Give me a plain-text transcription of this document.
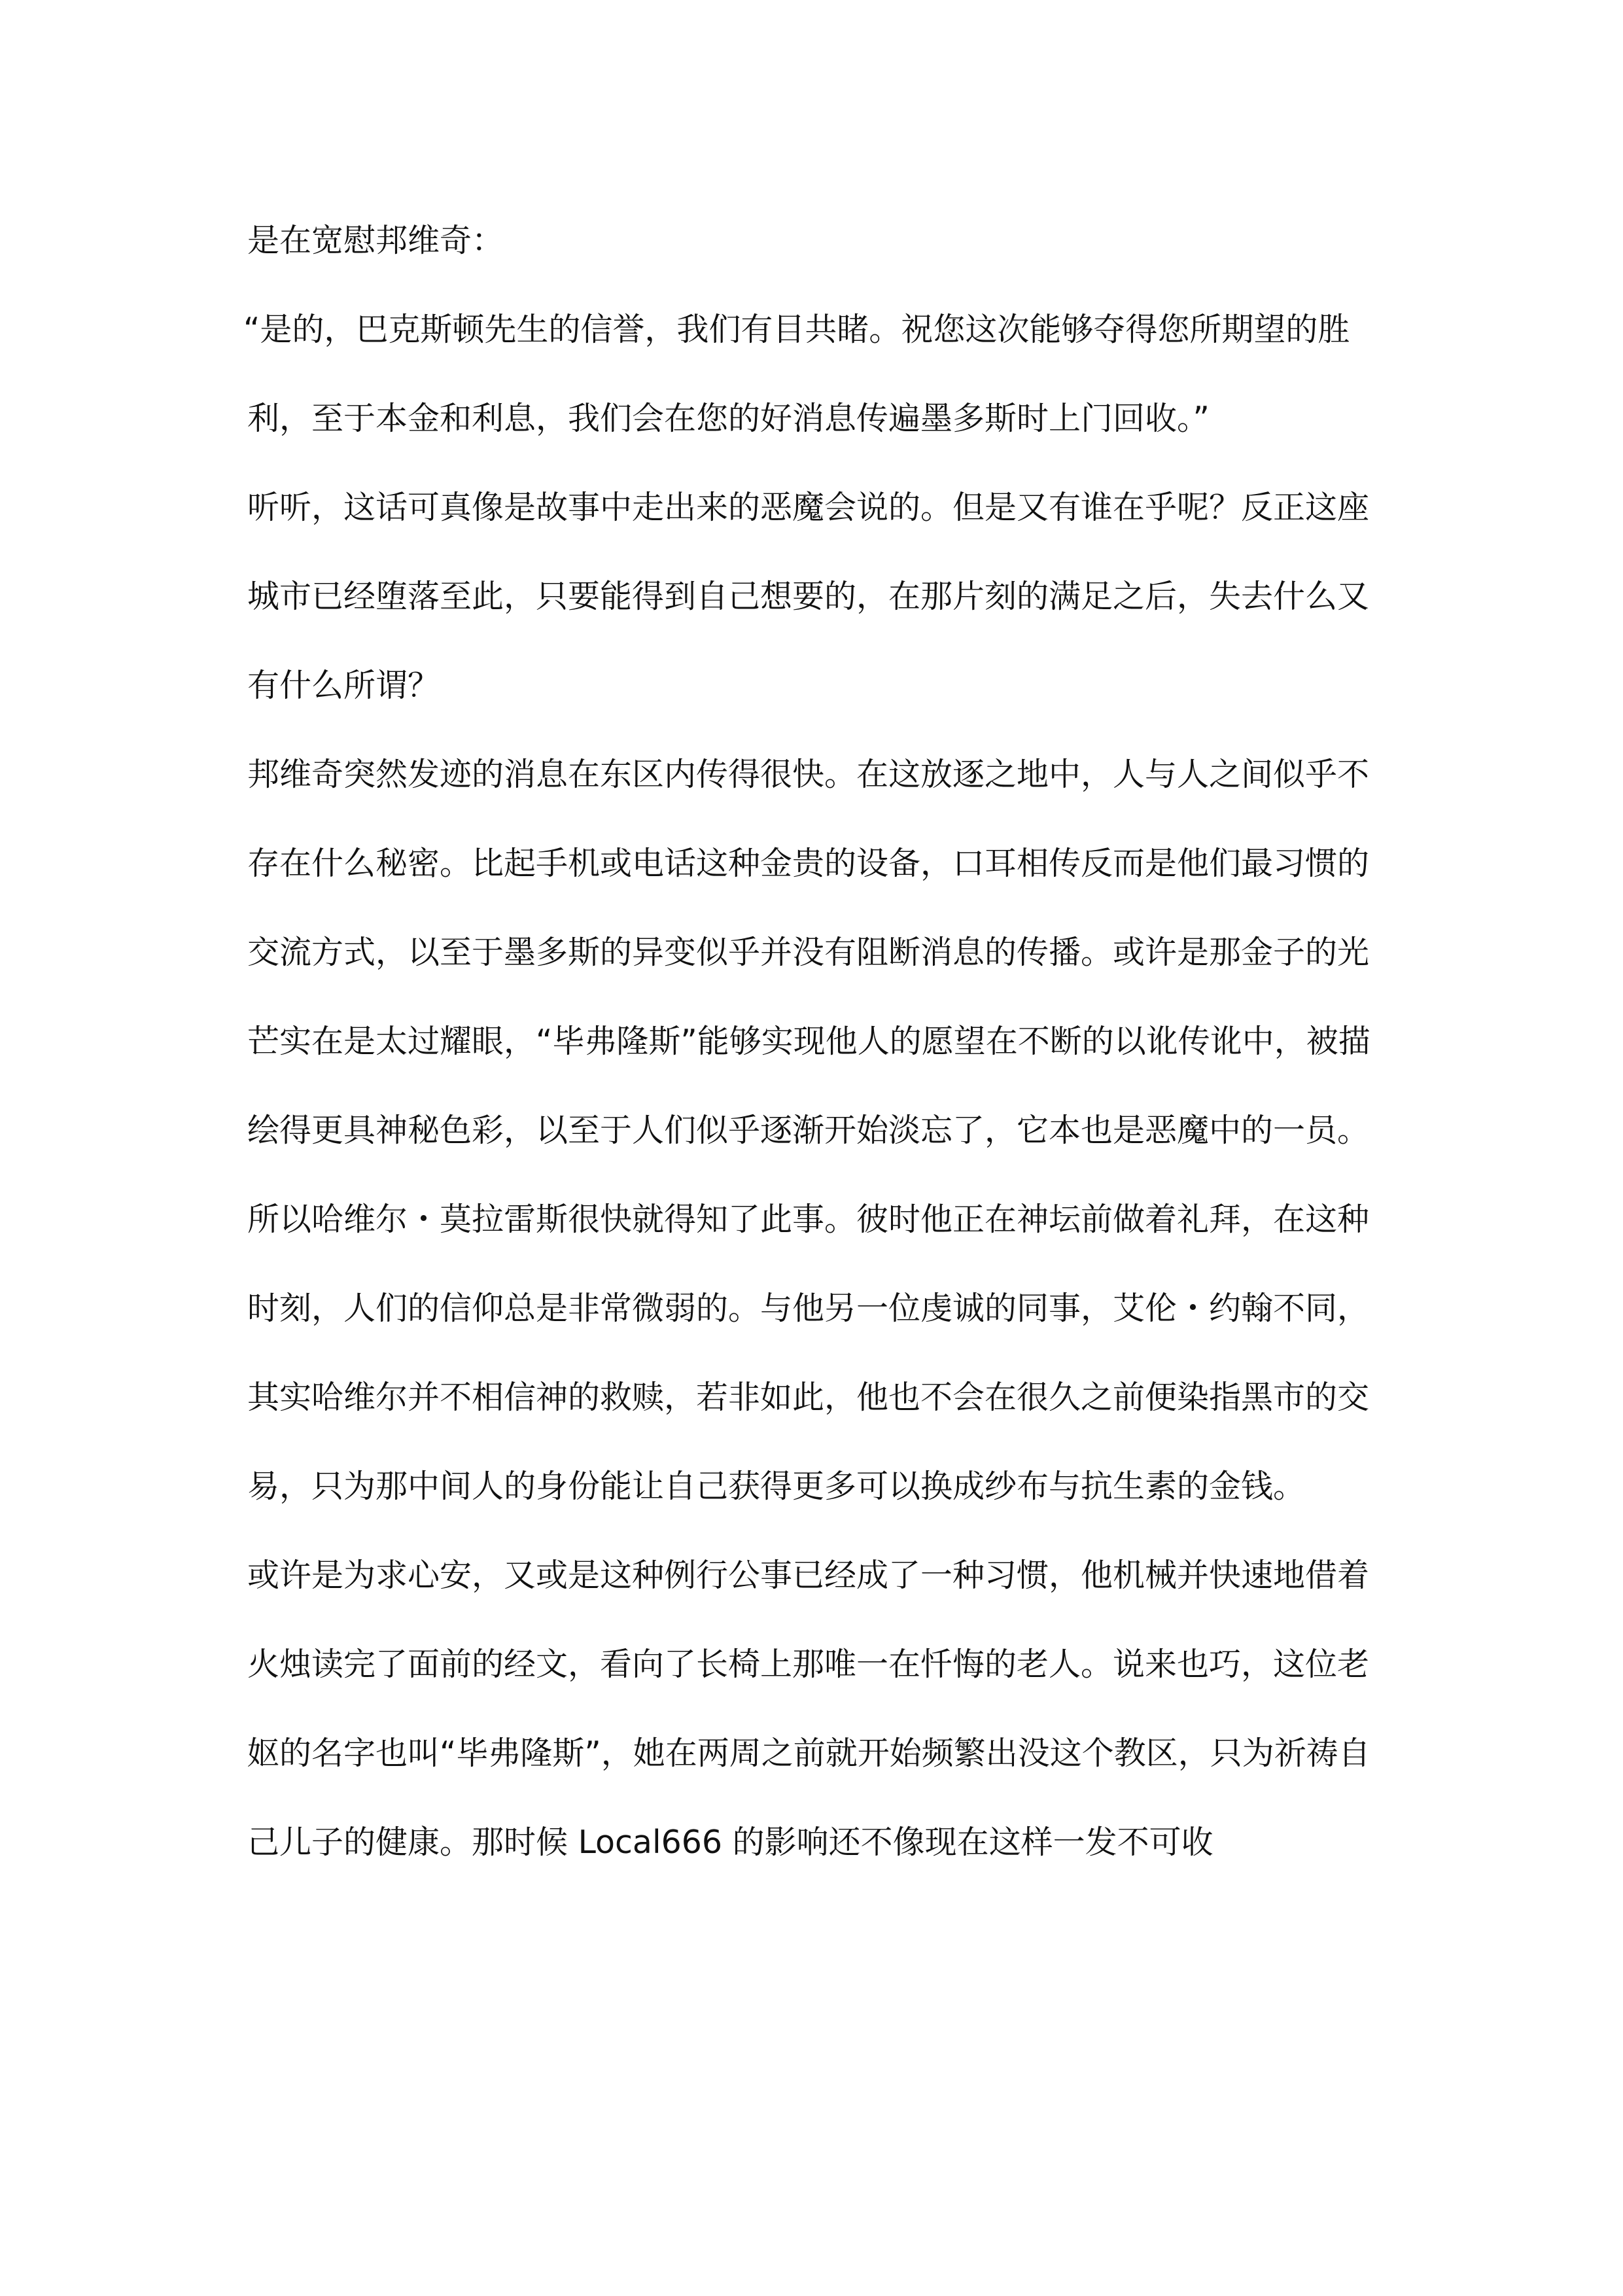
是在宽慰邦维奇：

“是的，巴克斯顿先生的信誉，我们有目共睹。祝您这次能够夺得您所期望的胜利，至于本金和利息，我们会在您的好消息传遍墨多斯时上门回收。”

听听，这话可真像是故事中走出来的恶魔会说的。但是又有谁在乎呢？反正这座城市已经堕落至此，只要能得到自己想要的，在那片刻的满足之后，失去什么又有什么所谓？

邦维奇突然发迹的消息在东区内传得很快。在这放逐之地中，人与人之间似乎不存在什么秘密。比起手机或电话这种金贵的设备，口耳相传反而是他们最习惯的交流方式，以至于墨多斯的异变似乎并没有阻断消息的传播。或许是那金子的光芒实在是太过耀眼，“毕弗隆斯”能够实现他人的愿望在不断的以讹传讹中，被描绘得更具神秘色彩，以至于人们似乎逐渐开始淡忘了，它本也是恶魔中的一员。

所以哈维尔・莫拉雷斯很快就得知了此事。彼时他正在神坛前做着礼拜，在这种时刻，人们的信仰总是非常微弱的。与他另一位虔诚的同事，艾伦・约翰不同，其实哈维尔并不相信神的救赎，若非如此，他也不会在很久之前便染指黑市的交易，只为那中间人的身份能让自己获得更多可以换成纱布与抗生素的金钱。

或许是为求心安，又或是这种例行公事已经成了一种习惯，他机械并快速地借着火烛读完了面前的经文，看向了长椅上那唯一在忏悔的老人。说来也巧，这位老妪的名字也叫“毕弗隆斯”，她在两周之前就开始频繁出没这个教区，只为祈祷自己儿子的健康。那时候 Local666 的影响还不像现在这样一发不可收
